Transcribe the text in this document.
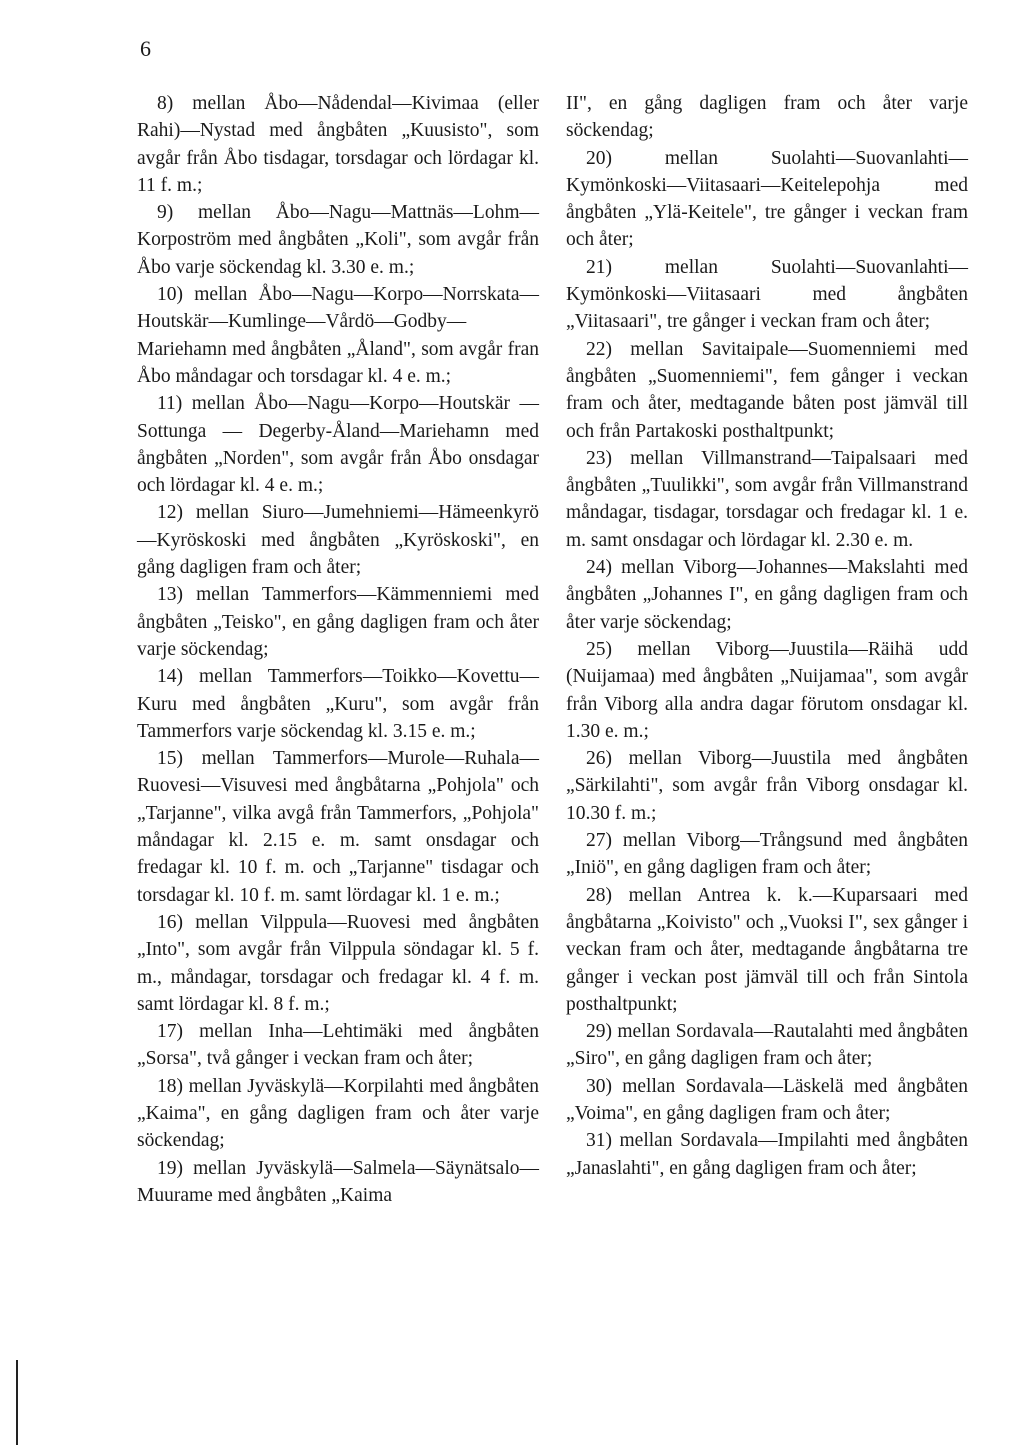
6

8) mellan Åbo—Nådendal—Kivimaa (eller Rahi)—Nystad med ångbåten „Kuusisto", som avgår från Åbo tisdagar, torsdagar och lördagar kl. 11 f. m.;

9) mellan Åbo—Nagu—Mattnäs—Lohm—Korpoström med ångbåten „Koli", som avgår från Åbo varje söckendag kl. 3.30 e. m.;

10) mellan Åbo—Nagu—Korpo—Norrskata—Houtskär—Kumlinge—Vårdö—Godby—Mariehamn med ångbåten „Åland", som avgår fran Åbo måndagar och torsdagar kl. 4 e. m.;

11) mellan Åbo—Nagu—Korpo—Houtskär — Sottunga — Degerby-Åland—Mariehamn med ångbåten „Norden", som avgår från Åbo onsdagar och lördagar kl. 4 e. m.;

12) mellan Siuro—Jumehniemi—Hämeenkyrö—Kyröskoski med ångbåten „Kyröskoski", en gång dagligen fram och åter;

13) mellan Tammerfors—Kämmenniemi med ångbåten „Teisko", en gång dagligen fram och åter varje söckendag;

14) mellan Tammerfors—Toikko—Kovettu—Kuru med ångbåten „Kuru", som avgår från Tammerfors varje söckendag kl. 3.15 e. m.;

15) mellan Tammerfors—Murole—Ruhala—Ruovesi—Visuvesi med ångbåtarna „Pohjola" och „Tarjanne", vilka avgå från Tammerfors, „Pohjola" måndagar kl. 2.15 e. m. samt onsdagar och fredagar kl. 10 f. m. och „Tarjanne" tisdagar och torsdagar kl. 10 f. m. samt lördagar kl. 1 e. m.;

16) mellan Vilppula—Ruovesi med ångbåten „Into", som avgår från Vilppula söndagar kl. 5 f. m., måndagar, torsdagar och fredagar kl. 4 f. m. samt lördagar kl. 8 f. m.;

17) mellan Inha—Lehtimäki med ångbåten „Sorsa", två gånger i veckan fram och åter;

18) mellan Jyväskylä—Korpilahti med ångbåten „Kaima", en gång dagligen fram och åter varje söckendag;

19) mellan Jyväskylä—Salmela—Säynätsalo—Muurame med ångbåten „Kaima

II", en gång dagligen fram och åter varje söckendag;

20) mellan Suolahti—Suovanlahti—Kymönkoski—Viitasaari—Keitelepohja med ångbåten „Ylä-Keitele", tre gånger i veckan fram och åter;

21) mellan Suolahti—Suovanlahti—Kymönkoski—Viitasaari med ångbåten „Viitasaari", tre gånger i veckan fram och åter;

22) mellan Savitaipale—Suomenniemi med ångbåten „Suomenniemi", fem gånger i veckan fram och åter, medtagande båten post jämväl till och från Partakoski posthaltpunkt;

23) mellan Villmanstrand—Taipalsaari med ångbåten „Tuulikki", som avgår från Villmanstrand måndagar, tisdagar, torsdagar och fredagar kl. 1 e. m. samt onsdagar och lördagar kl. 2.30 e. m.

24) mellan Viborg—Johannes—Makslahti med ångbåten „Johannes I", en gång dagligen fram och åter varje söckendag;

25) mellan Viborg—Juustila—Räihä udd (Nuijamaa) med ångbåten „Nuijamaa", som avgår från Viborg alla andra dagar förutom onsdagar kl. 1.30 e. m.;

26) mellan Viborg—Juustila med ångbåten „Särkilahti", som avgår från Viborg onsdagar kl. 10.30 f. m.;

27) mellan Viborg—Trångsund med ångbåten „Iniö", en gång dagligen fram och åter;

28) mellan Antrea k. k.—Kuparsaari med ångbåtarna „Koivisto" och „Vuoksi I", sex gånger i veckan fram och åter, medtagande ångbåtarna tre gånger i veckan post jämväl till och från Sintola posthaltpunkt;

29) mellan Sordavala—Rautalahti med ångbåten „Siro", en gång dagligen fram och åter;

30) mellan Sordavala—Läskelä med ångbåten „Voima", en gång dagligen fram och åter;

31) mellan Sordavala—Impilahti med ångbåten „Janaslahti", en gång dagligen fram och åter;
